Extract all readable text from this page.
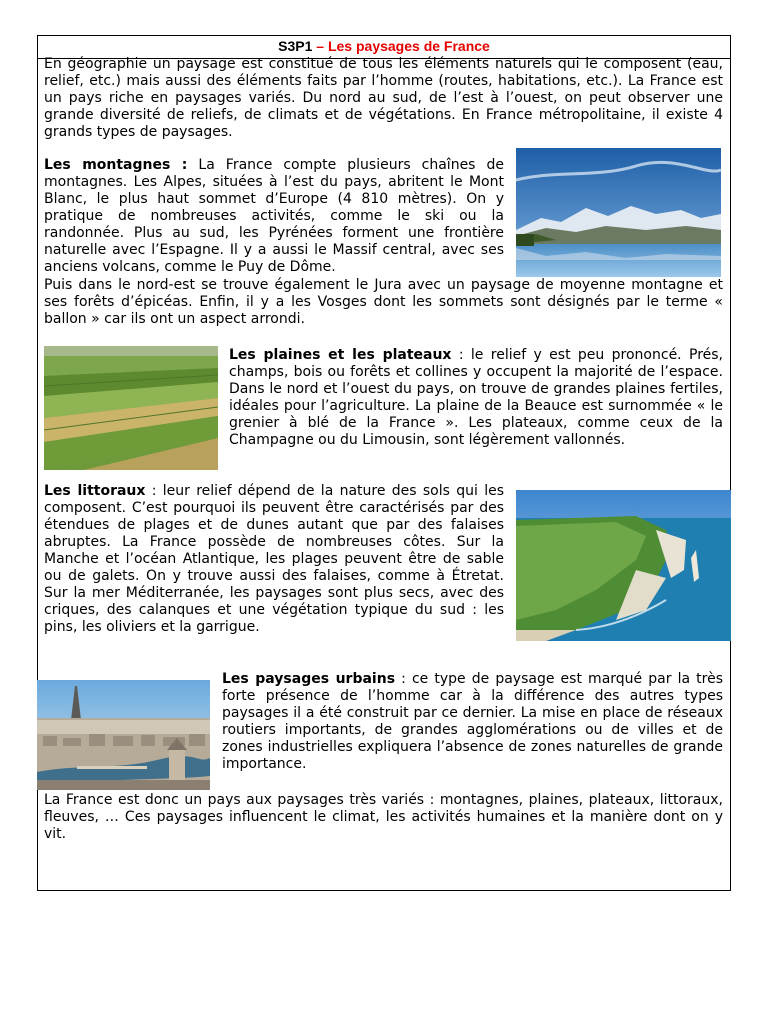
S3P1 – Les paysages de France

En géographie un paysage est constitué de tous les éléments naturels qui le composent (eau, relief, etc.) mais aussi des éléments faits par l’homme (routes, habitations, etc.). La France est un pays riche en paysages variés. Du nord au sud, de l’est à l’ouest, on peut observer une grande diversité de reliefs, de climats et de végétations. En France métropolitaine, il existe 4 grands types de paysages.

Les montagnes : La France compte plusieurs chaînes de montagnes. Les Alpes, situées à l’est du pays, abritent le Mont Blanc, le plus haut sommet d’Europe (4 810 mètres). On y pratique de nombreuses activités, comme le ski ou la randonnée. Plus au sud, les Pyrénées forment une frontière naturelle avec l’Espagne. Il y a aussi le Massif central, avec ses anciens volcans, comme le Puy de Dôme.

Puis dans le nord-est se trouve également le Jura avec un paysage de moyenne montagne et ses forêts d’épicéas. Enfin, il y a les Vosges dont les sommets sont désignés par le terme « ballon » car ils ont un aspect arrondi.

Les plaines et les plateaux : le relief y est peu prononcé. Prés, champs, bois ou forêts et collines y occupent la majorité de l’espace. Dans le nord et l’ouest du pays, on trouve de grandes plaines fertiles, idéales pour l’agriculture. La plaine de la Beauce est surnommée « le grenier à blé de la France ». Les plateaux, comme ceux de la Champagne ou du Limousin, sont légèrement vallonnés.

Les littoraux : leur relief dépend de la nature des sols qui les composent. C’est pourquoi ils peuvent être caractérisés par des étendues de plages et de dunes autant que par des falaises abruptes. La France possède de nombreuses côtes. Sur la Manche et l’océan Atlantique, les plages peuvent être de sable ou de galets. On y trouve aussi des falaises, comme à Étretat. Sur la mer Méditerranée, les paysages sont plus secs, avec des criques, des calanques et une végétation typique du sud : les pins, les oliviers et la garrigue.

Les paysages urbains : ce type de paysage est marqué par la très forte présence de l’homme car à la différence des autres types paysages il a été construit par ce dernier. La mise en place de réseaux routiers importants, de grandes agglomérations ou de villes et de zones industrielles expliquera l’absence de zones naturelles de grande importance.

La France est donc un pays aux paysages très variés : montagnes, plaines, plateaux, littoraux, fleuves, … Ces paysages influencent le climat, les activités humaines et la manière dont on y vit.
